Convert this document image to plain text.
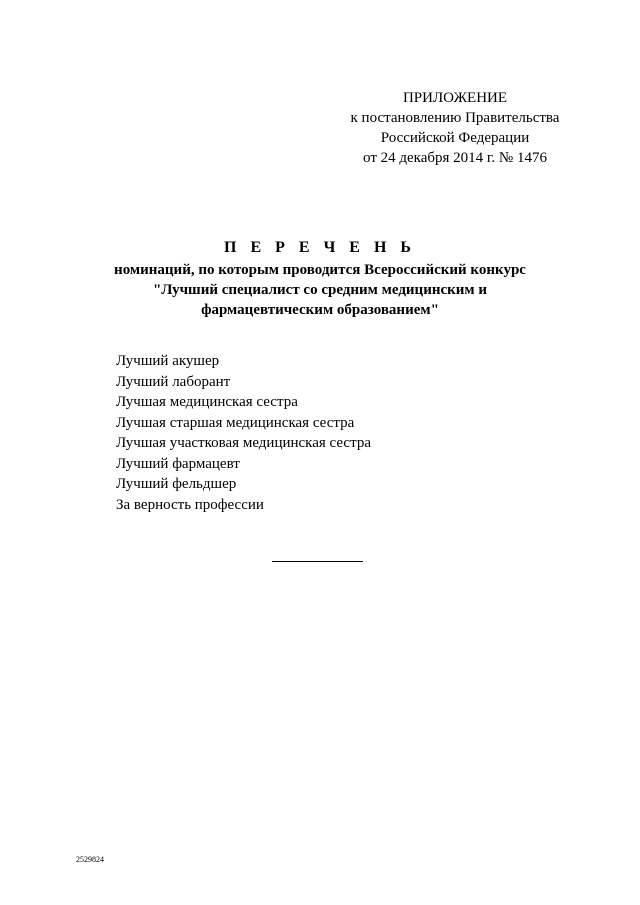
ПРИЛОЖЕНИЕ
к постановлению Правительства
Российской Федерации
от 24 декабря 2014 г. № 1476
П Е Р Е Ч Е Н Ь
номинаций, по которым проводится Всероссийский конкурс
"Лучший специалист со средним медицинским и
фармацевтическим образованием"
Лучший акушер
Лучший лаборант
Лучшая медицинская сестра
Лучшая старшая медицинская сестра
Лучшая участковая медицинская сестра
Лучший фармацевт
Лучший фельдшер
За верность профессии
2529824
